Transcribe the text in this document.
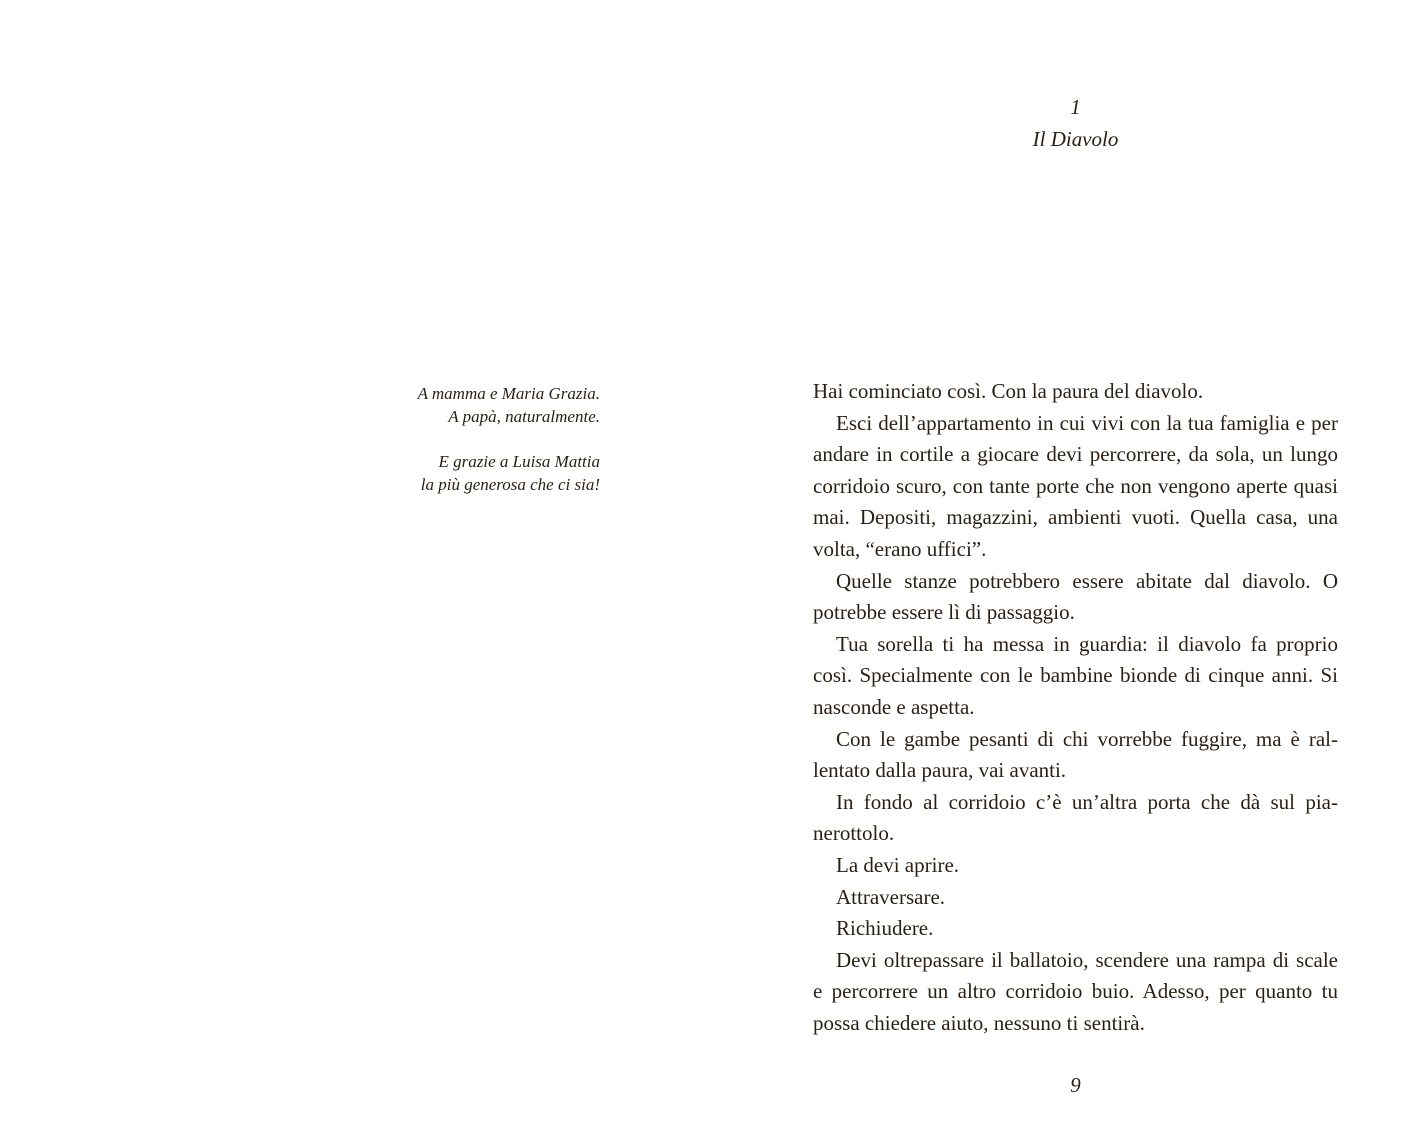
A mamma e Maria Grazia.
A papà, naturalmente.
E grazie a Luisa Mattia
la più generosa che ci sia!
1
Il Diavolo

Hai cominciato così. Con la paura del diavolo.

Esci dell’appartamento in cui vivi con la tua famiglia e per andare in cortile a giocare devi percorrere, da sola, un lungo corridoio scuro, con tante porte che non vengono aperte quasi mai. Depositi, magazzini, ambienti vuoti. Quella casa, una volta, “erano uffici”.

Quelle stanze potrebbero essere abitate dal diavolo. O potrebbe essere lì di passaggio.

Tua sorella ti ha messa in guardia: il diavolo fa proprio così. Specialmente con le bambine bionde di cinque anni. Si nasconde e aspetta.

Con le gambe pesanti di chi vorrebbe fuggire, ma è rallentato dalla paura, vai avanti.

In fondo al corridoio c’è un’altra porta che dà sul pianerottolo.

La devi aprire.

Attraversare.

Richiudere.

Devi oltrepassare il ballatoio, scendere una rampa di scale e percorrere un altro corridoio buio. Adesso, per quanto tu possa chiedere aiuto, nessuno ti sentirà.

9
